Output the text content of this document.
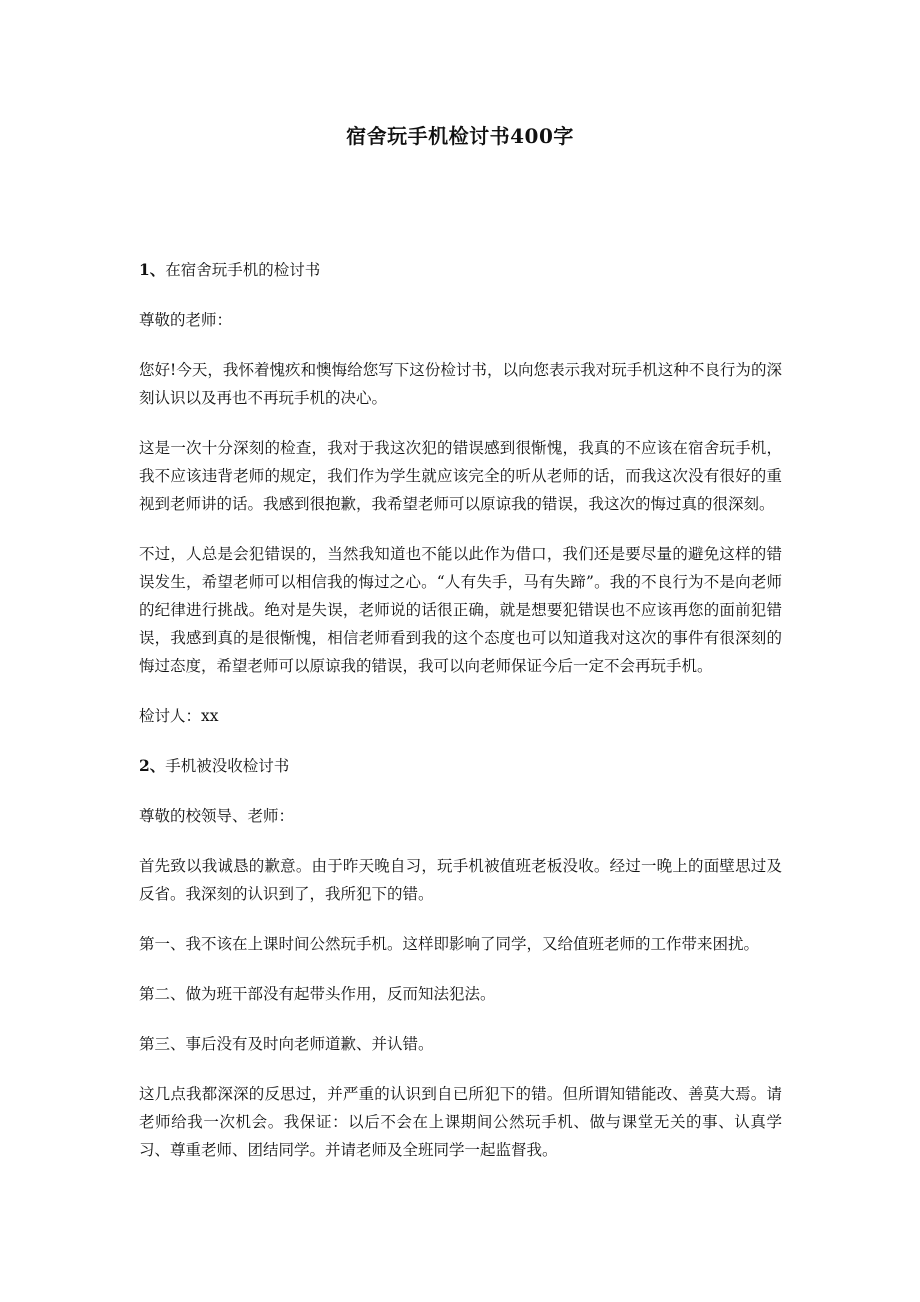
宿舍玩手机检讨书400字
1、在宿舍玩手机的检讨书

尊敬的老师：

您好!今天，我怀着愧疚和懊悔给您写下这份检讨书，以向您表示我对玩手机这种不良行为的深刻认识以及再也不再玩手机的决心。

这是一次十分深刻的检查，我对于我这次犯的错误感到很惭愧，我真的不应该在宿舍玩手机，我不应该违背老师的规定，我们作为学生就应该完全的听从老师的话，而我这次没有很好的重视到老师讲的话。我感到很抱歉，我希望老师可以原谅我的错误，我这次的悔过真的很深刻。

不过，人总是会犯错误的，当然我知道也不能以此作为借口，我们还是要尽量的避免这样的错误发生，希望老师可以相信我的悔过之心。“人有失手，马有失蹄”。我的不良行为不是向老师的纪律进行挑战。绝对是失误，老师说的话很正确，就是想要犯错误也不应该再您的面前犯错误，我感到真的是很惭愧，相信老师看到我的这个态度也可以知道我对这次的事件有很深刻的悔过态度，希望老师可以原谅我的错误，我可以向老师保证今后一定不会再玩手机。

检讨人：xx

2、手机被没收检讨书

尊敬的校领导、老师：

首先致以我诚恳的歉意。由于昨天晚自习，玩手机被值班老板没收。经过一晚上的面壁思过及反省。我深刻的认识到了，我所犯下的错。

第一、我不该在上课时间公然玩手机。这样即影响了同学，又给值班老师的工作带来困扰。

第二、做为班干部没有起带头作用，反而知法犯法。

第三、事后没有及时向老师道歉、并认错。

这几点我都深深的反思过，并严重的认识到自已所犯下的错。但所谓知错能改、善莫大焉。请老师给我一次机会。我保证：以后不会在上课期间公然玩手机、做与课堂无关的事、认真学习、尊重老师、团结同学。并请老师及全班同学一起监督我。
